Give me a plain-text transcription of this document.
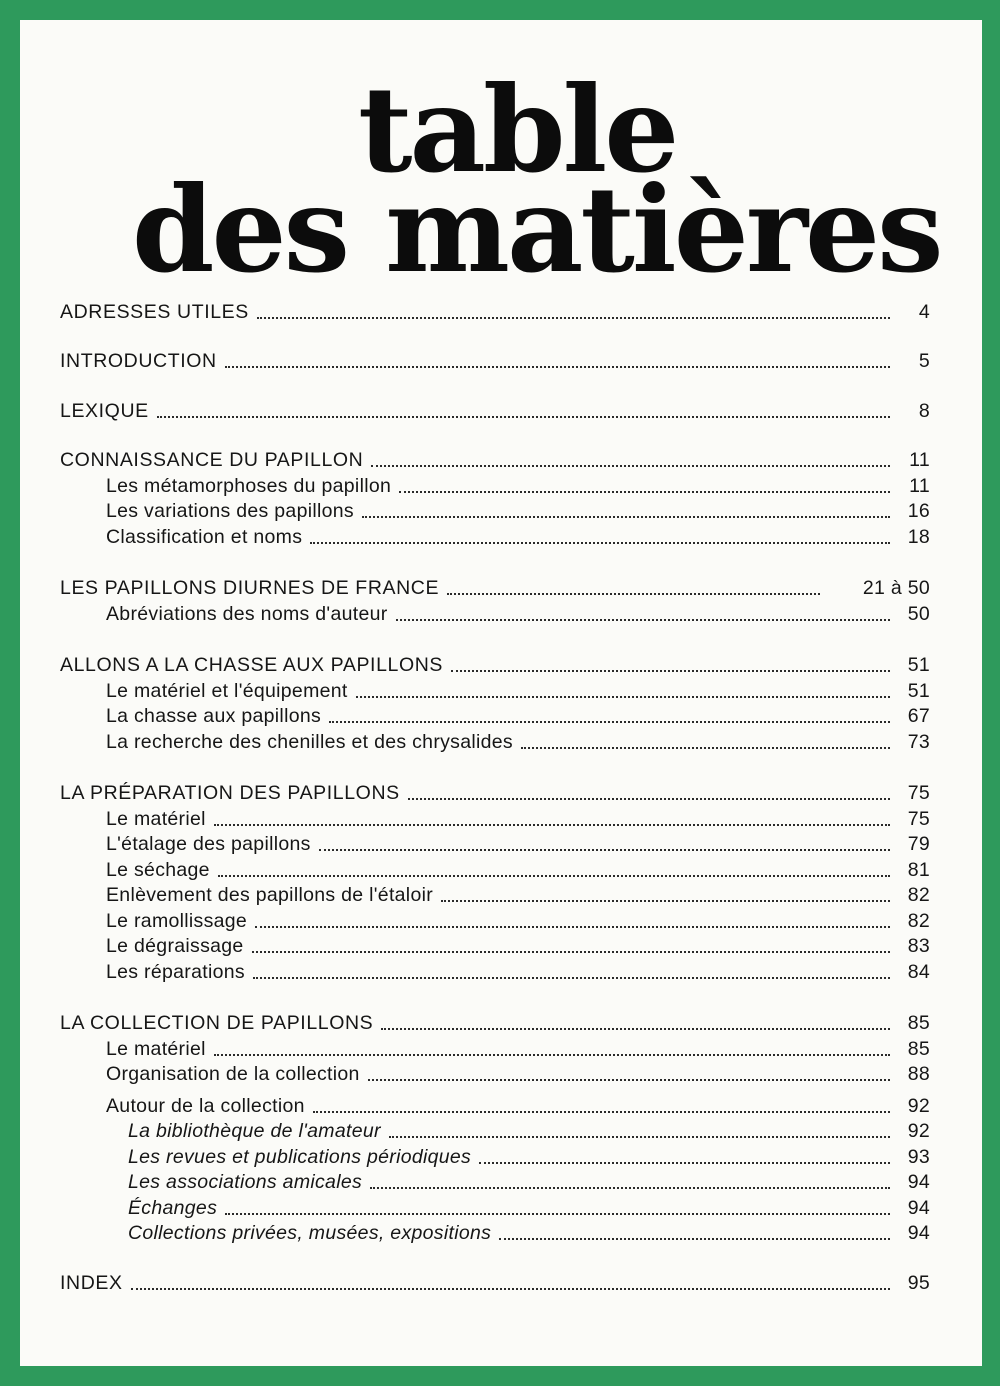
table
des matières
ADRESSES UTILES	4
INTRODUCTION	5
LEXIQUE	8
CONNAISSANCE DU PAPILLON	11
Les métamorphoses du papillon	11
Les variations des papillons	16
Classification et noms	18
LES PAPILLONS DIURNES DE FRANCE	21 à 50
Abréviations des noms d'auteur	50
ALLONS A LA CHASSE AUX PAPILLONS	51
Le matériel et l'équipement	51
La chasse aux papillons	67
La recherche des chenilles et des chrysalides	73
LA PRÉPARATION DES PAPILLONS	75
Le matériel	75
L'étalage des papillons	79
Le séchage	81
Enlèvement des papillons de l'étaloir	82
Le ramollissage	82
Le dégraissage	83
Les réparations	84
LA COLLECTION DE PAPILLONS	85
Le matériel	85
Organisation de la collection	88
Autour de la collection	92
La bibliothèque de l'amateur	92
Les revues et publications périodiques	93
Les associations amicales	94
Échanges	94
Collections privées, musées, expositions	94
INDEX	95
